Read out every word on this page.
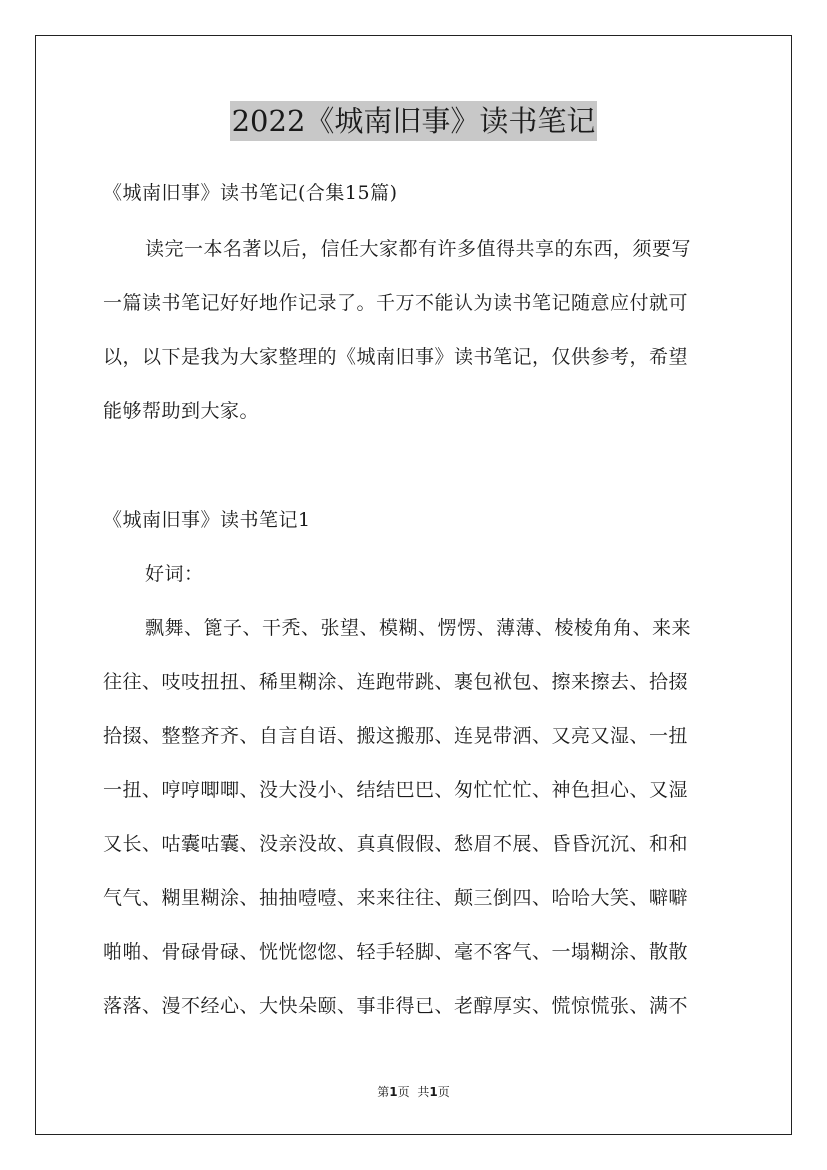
2022《城南旧事》读书笔记
《城南旧事》读书笔记(合集15篇)
读完一本名著以后，信任大家都有许多值得共享的东西，须要写
一篇读书笔记好好地作记录了。千万不能认为读书笔记随意应付就可
以，以下是我为大家整理的《城南旧事》读书笔记，仅供参考，希望
能够帮助到大家。
《城南旧事》读书笔记1
好词：
飘舞、篦子、干秃、张望、模糊、愣愣、薄薄、棱棱角角、来来
往往、吱吱扭扭、稀里糊涂、连跑带跳、裹包袱包、擦来擦去、拾掇
拾掇、整整齐齐、自言自语、搬这搬那、连晃带洒、又亮又湿、一扭
一扭、哼哼唧唧、没大没小、结结巴巴、匆忙忙忙、神色担心、又湿
又长、咕囊咕囊、没亲没故、真真假假、愁眉不展、昏昏沉沉、和和
气气、糊里糊涂、抽抽噎噎、来来往往、颠三倒四、哈哈大笑、噼噼
啪啪、骨碌骨碌、恍恍惚惚、轻手轻脚、毫不客气、一塌糊涂、散散
落落、漫不经心、大快朵颐、事非得已、老醇厚实、慌惊慌张、满不
第1页 共1页
